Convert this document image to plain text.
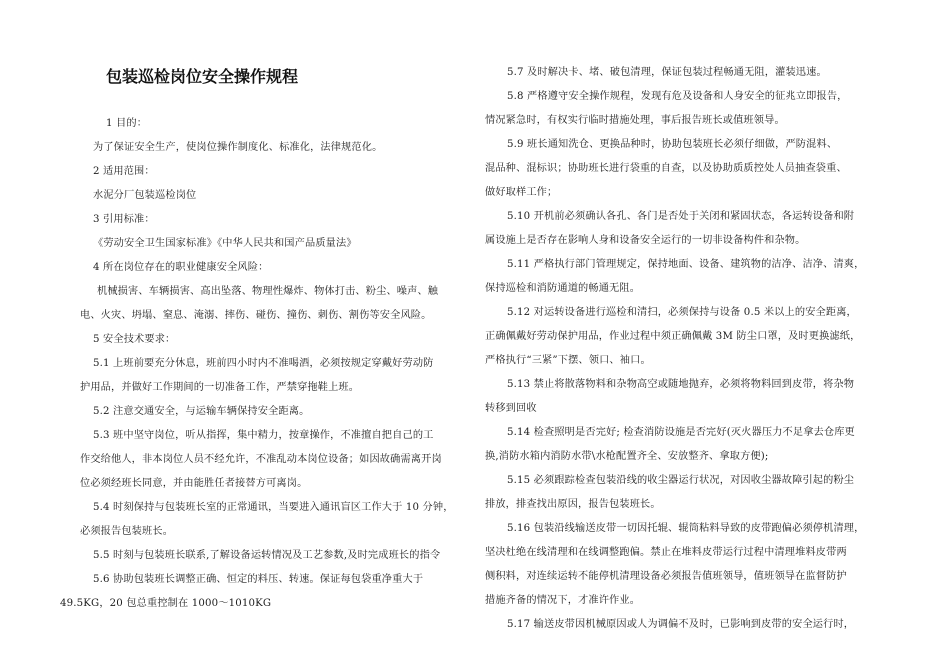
包装巡检岗位安全操作规程
1 目的：
为了保证安全生产，使岗位操作制度化、标准化，法律规范化。
2 适用范围：
水泥分厂包装巡检岗位
3 引用标准：
《劳动安全卫生国家标准》《中华人民共和国产品质量法》
4 所在岗位存在的职业健康安全风险：
机械损害、车辆损害、高出坠落、物理性爆炸、物体打击、粉尘、噪声、触
电、火灾、坍塌、窒息、淹溺、摔伤、碰伤、撞伤、刺伤、割伤等安全风险。
5 安全技术要求：
5.1 上班前要充分休息，班前四小时内不准喝酒，必须按规定穿戴好劳动防
护用品，并做好工作期间的一切准备工作，严禁穿拖鞋上班。
5.2 注意交通安全，与运输车辆保持安全距离。
5.3 班中坚守岗位，听从指挥，集中精力，按章操作，不准擅自把自己的工
作交给他人，非本岗位人员不经允许，不准乱动本岗位设备；如因故确需离开岗
位必须经班长同意，并由能胜任者接替方可离岗。
5.4 时刻保持与包装班长室的正常通讯，当要进入通讯盲区工作大于 10 分钟，
必须报告包装班长。
5.5 时刻与包装班长联系,了解设备运转情况及工艺参数,及时完成班长的指令
5.6 协助包装班长调整正确、恒定的料压、转速。保证每包袋重净重大于
49.5KG，20 包总重控制在 1000～1010KG
5.7 及时解决卡、堵、破包清理，保证包装过程畅通无阻，灌装迅速。
5.8 严格遵守安全操作规程，发现有危及设备和人身安全的征兆立即报告，
情况紧急时，有权实行临时措施处理，事后报告班长或值班领导。
5.9 班长通知洗仓、更换品种时，协助包装班长必须仔细做，严防混料、
混品种、混标识；协助班长进行袋重的自查，以及协助质质控处人员抽查袋重、
做好取样工作；
5.10 开机前必须确认各孔、各门是否处于关闭和紧固状态，各运转设备和附
属设施上是否存在影响人身和设备安全运行的一切非设备构件和杂物。
5.11 严格执行部门管理规定，保持地面、设备、建筑物的洁净、洁净、清爽，
保持巡检和消防通道的畅通无阻。
5.12 对运转设备进行巡检和清扫，必须保持与设备 0.5 米以上的安全距离，
正确佩戴好劳动保护用品，作业过程中须正确佩戴 3M 防尘口罩，及时更换滤纸，
严格执行“三紧”下摆、领口、袖口。
5.13 禁止将散落物料和杂物高空或随地抛弃，必须将物料回到皮带，将杂物
转移到回收
5.14 检查照明是否完好; 检查消防设施是否完好(灭火器压力不足拿去仓库更
换,消防水箱内消防水带\水枪配置齐全、安放整齐、拿取方便);
5.15 必须跟踪检查包装沿线的收尘器运行状况，对因收尘器故障引起的粉尘
排放，排查找出原因，报告包装班长。
5.16 包装沿线输送皮带一切因托辊、辊筒粘料导致的皮带跑偏必须停机清理，
坚决杜绝在线清理和在线调整跑偏。禁止在堆料皮带运行过程中清理堆料皮带两
侧积料，对连续运转不能停机清理设备必须报告值班领导，值班领导在监督防护
措施齐备的情况下，才准许作业。
5.17 输送皮带因机械原因或人为调偏不及时，已影响到皮带的安全运行时，
